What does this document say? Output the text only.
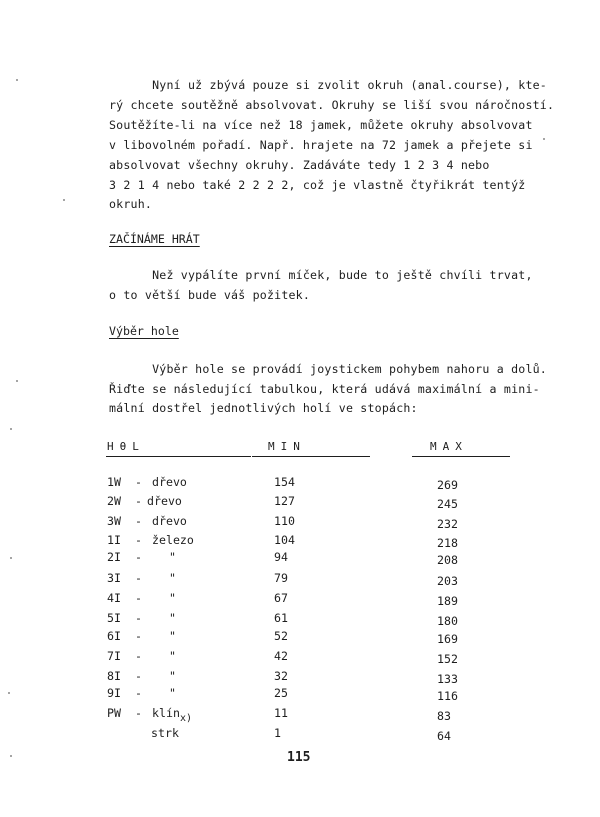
Nyní už zbývá pouze si zvolit okruh (anal.course), kte-
rý chcete soutěžně absolvovat. Okruhy se liší svou náročností.
Soutěžíte-li na více než 18 jamek, můžete okruhy absolvovat
v libovolném pořadí. Např. hrajete na 72 jamek a přejete si
absolvovat všechny okruhy. Zadáváte tedy 1 2 3 4 nebo
3 2 1 4 nebo také 2 2 2 2, což je vlastně čtyřikrát tentýž
okruh.
ZAČÍNÁME HRÁT
Než vypálíte první míček, bude to ještě chvíli trvat,
o to větší bude váš požitek.
Výběr hole
Výběr hole se provádí joystickem pohybem nahoru a dolů.
Řiďte se následující tabulkou, která udává maximální a mini-
mální dostřel jednotlivých holí ve stopách:
HθL	MIN	MAX
1W - dřevo	154	269
2W - dřevo	127	245
3W - dřevo	110	232
1I - železo	104	218
2I - "	94	208
3I - "	79	203
4I - "	67	189
5I - "	61	180
6I - "	52	169
7I - "	42	152
8I - "	32	133
9I - "	25	116
PW - klín	11	83
strk	1	64
x)
115
